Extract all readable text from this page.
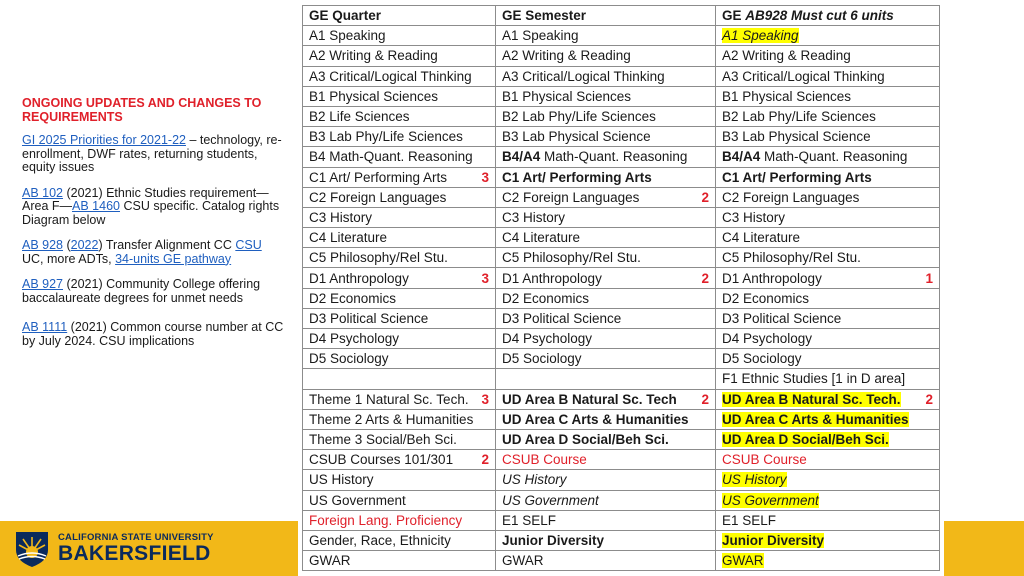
ONGOING UPDATES AND CHANGES TO REQUIREMENTS
GI 2025 Priorities for 2021-22 – technology, re-enrollment, DWF rates, returning students, equity issues
AB 102 (2021) Ethnic Studies requirement—Area F—AB 1460 CSU specific. Catalog rights Diagram below
AB 928 (2022) Transfer Alignment CC CSU UC, more ADTs, 34-units GE pathway
AB 927 (2021) Community College offering baccalaureate degrees for unmet needs
AB 1111 (2021) Common course number at CC by July 2024. CSU implications
CALIFORNIA STATE UNIVERSITY
BAKERSFIELD
GE Quarter	GE Semester	GE AB928 Must cut 6 units

A1 Speaking	A1 Speaking	A1 Speaking

A2 Writing & Reading	A2 Writing & Reading	A2 Writing & Reading

A3 Critical/Logical Thinking	A3 Critical/Logical Thinking	A3 Critical/Logical Thinking

B1 Physical Sciences	B1 Physical Sciences	B1 Physical Sciences

B2 Life Sciences	B2 Lab Phy/Life Sciences	B2 Lab Phy/Life Sciences

B3 Lab Phy/Life Sciences	B3 Lab Physical Science	B3 Lab Physical Science

B4 Math-Quant. Reasoning	B4/A4 Math-Quant. Reasoning	B4/A4 Math-Quant. Reasoning

C1 Art/ Performing Arts 3	C1 Art/ Performing Arts	C1 Art/ Performing Arts

C2 Foreign Languages	C2 Foreign Languages 2	C2 Foreign Languages

C3 History	C3 History	C3 History

C4 Literature	C4 Literature	C4 Literature

C5 Philosophy/Rel Stu.	C5 Philosophy/Rel Stu.	C5 Philosophy/Rel Stu.

D1 Anthropology 3	D1 Anthropology 2	D1 Anthropology 1

D2 Economics	D2 Economics	D2 Economics

D3 Political Science	D3 Political Science	D3 Political Science

D4 Psychology	D4 Psychology	D4 Psychology

D5 Sociology	D5 Sociology	D5 Sociology

		F1 Ethnic Studies [1 in D area]

Theme 1 Natural Sc. Tech. 3	UD Area B Natural Sc. Tech 2	UD Area B Natural Sc. Tech. 2

Theme 2 Arts & Humanities	UD Area C Arts & Humanities	UD Area C Arts & Humanities

Theme 3 Social/Beh Sci.	UD Area D Social/Beh Sci.	UD Area D Social/Beh Sci.

CSUB Courses 101/301 2	CSUB Course	CSUB Course

US History	US History	US History

US Government	US Government	US Government

Foreign Lang. Proficiency	E1 SELF	E1 SELF

Gender, Race, Ethnicity	Junior Diversity	Junior Diversity

GWAR	GWAR	GWAR
